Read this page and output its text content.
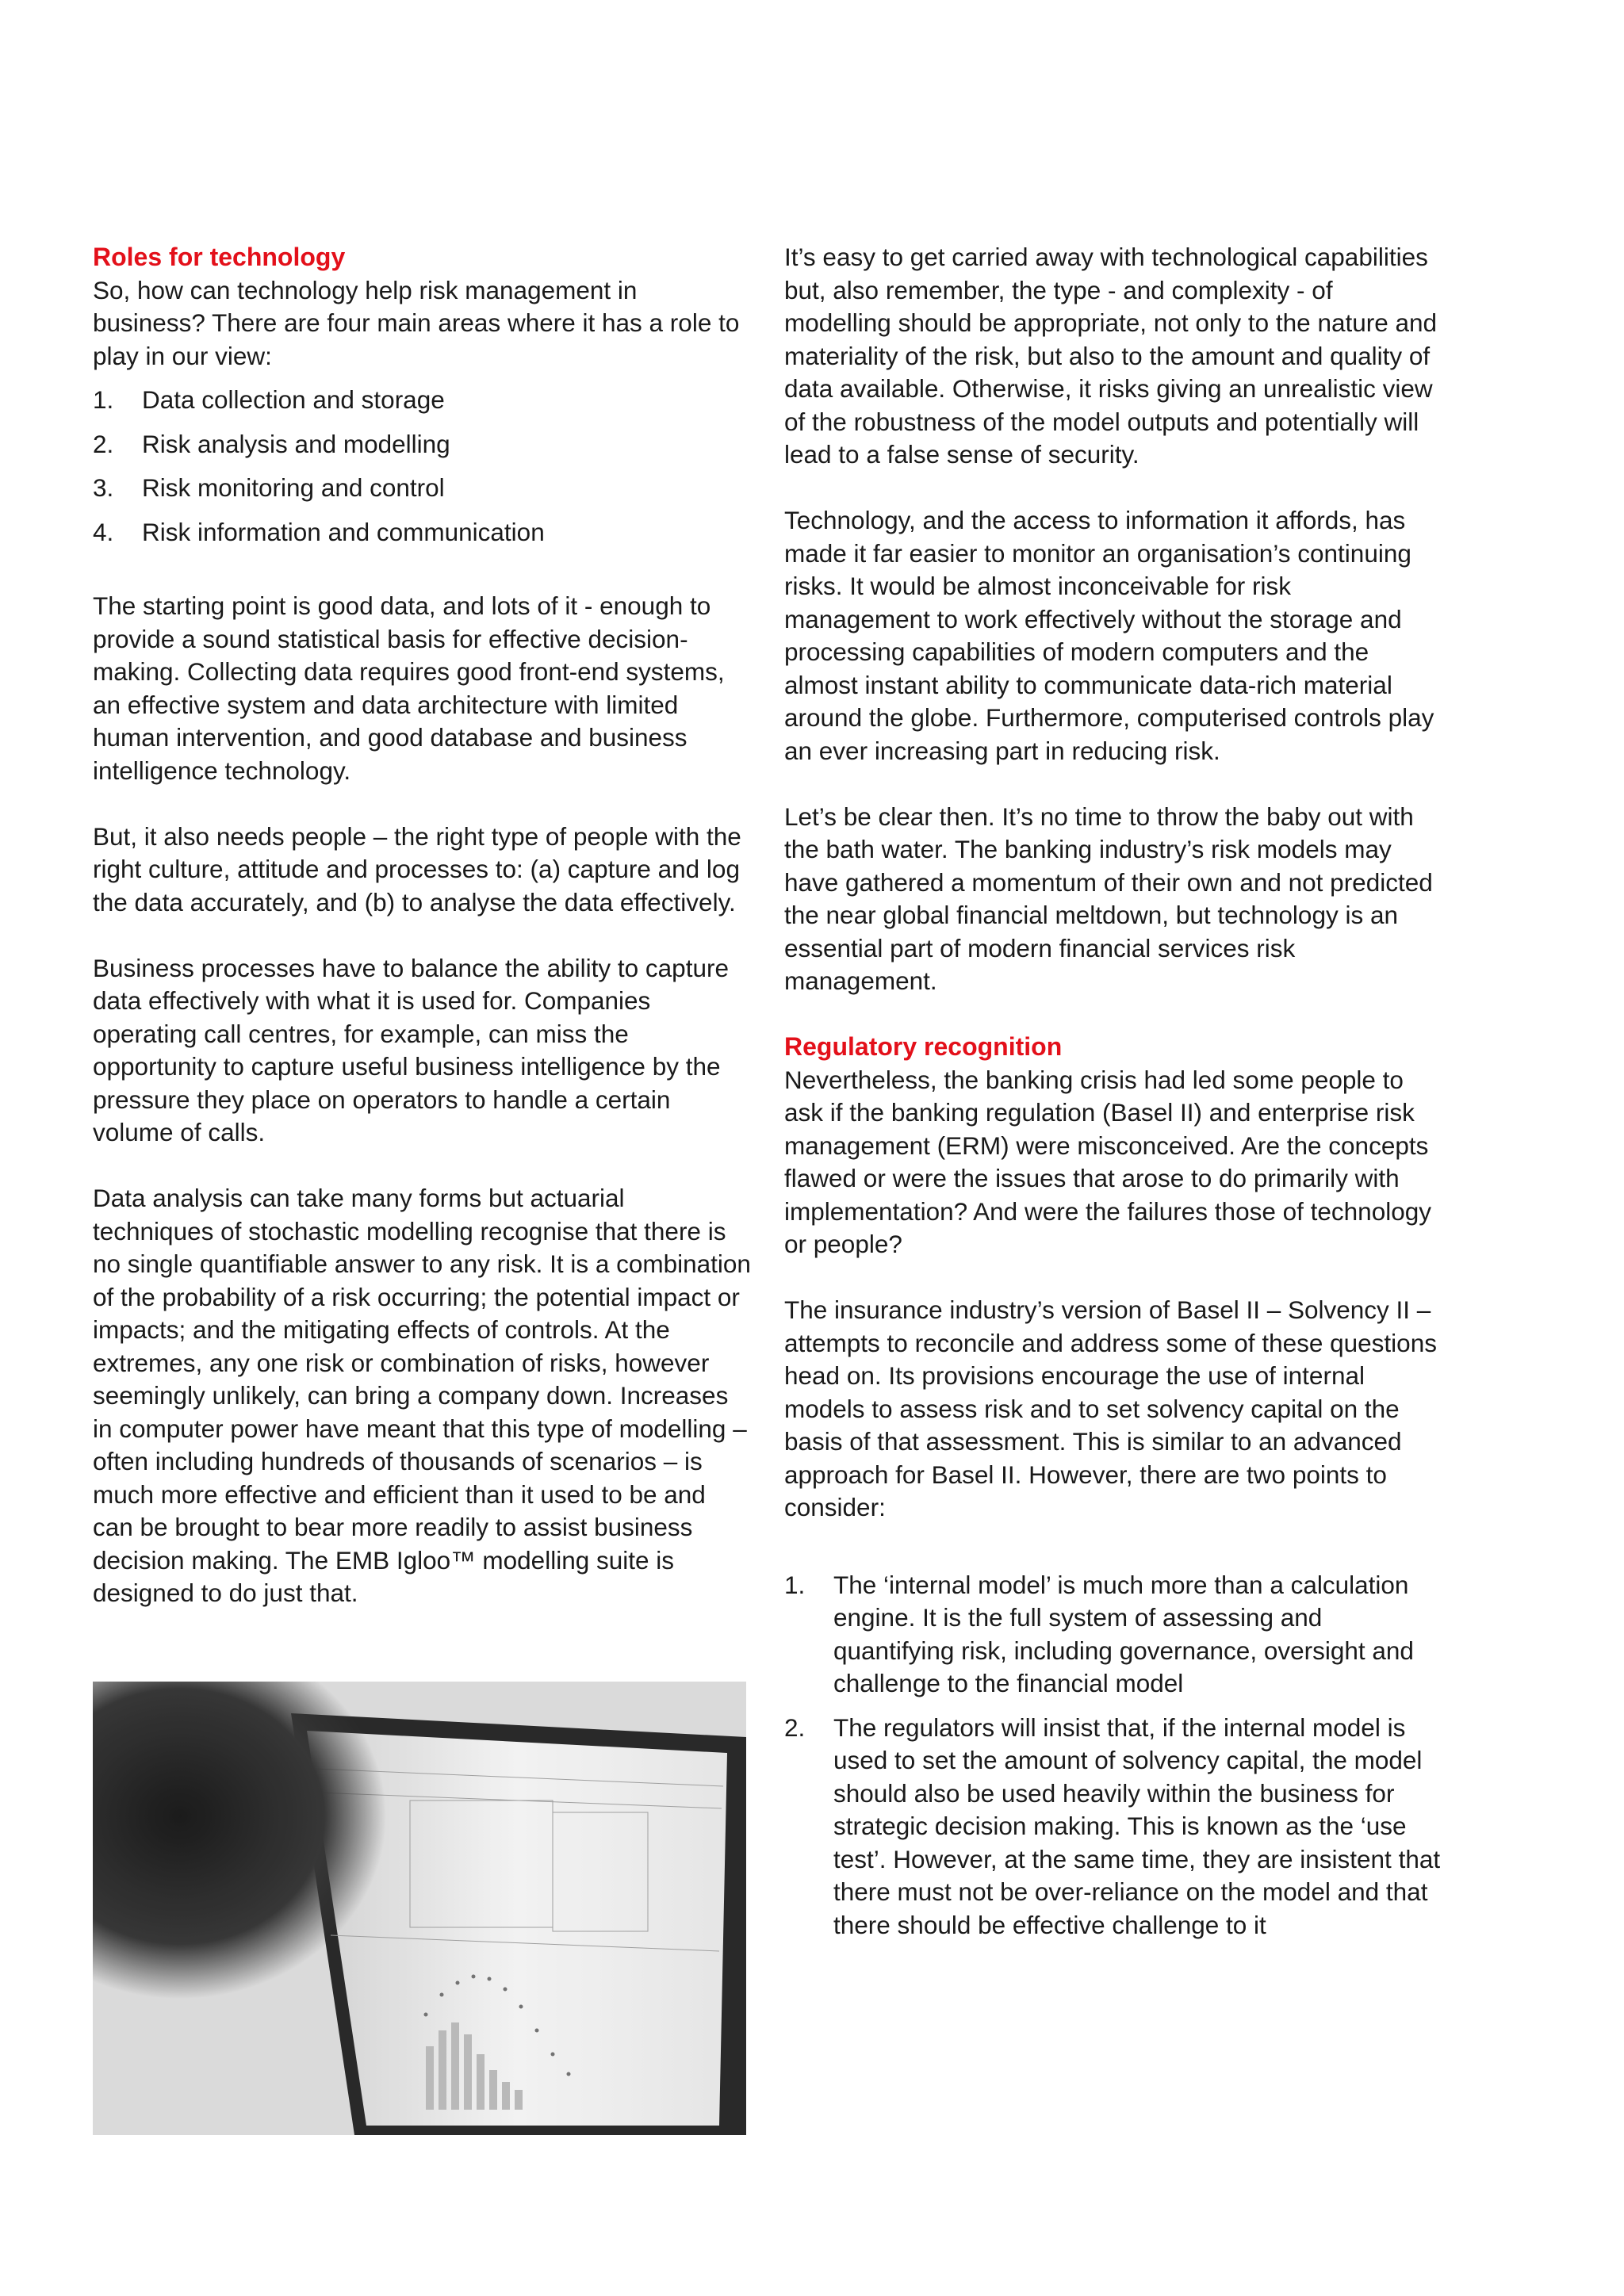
Roles for technology

So, how can technology help risk management in business? There are four main areas where it has a role to play in our view:

1. Data collection and storage
2. Risk analysis and modelling
3. Risk monitoring and control
4. Risk information and communication

The starting point is good data, and lots of it - enough to provide a sound statistical basis for effective decision-making. Collecting data requires good front-end systems, an effective system and data architecture with limited human intervention, and good database and business intelligence technology.

But, it also needs people – the right type of people with the right culture, attitude and processes to: (a) capture and log the data accurately, and (b) to analyse the data effectively.

Business processes have to balance the ability to capture data effectively with what it is used for. Companies operating call centres, for example, can miss the opportunity to capture useful business intelligence by the pressure they place on operators to handle a certain volume of calls.

Data analysis can take many forms but actuarial techniques of stochastic modelling recognise that there is no single quantifiable answer to any risk. It is a combination of the probability of a risk occurring; the potential impact or impacts; and the mitigating effects of controls. At the extremes, any one risk or combination of risks, however seemingly unlikely, can bring a company down. Increases in computer power have meant that this type of modelling – often including hundreds of thousands of scenarios – is much more effective and efficient than it used to be and can be brought to bear more readily to assist business decision making. The EMB Igloo™ modelling suite is designed to do just that.

It’s easy to get carried away with technological capabilities but, also remember, the type - and complexity - of modelling should be appropriate, not only to the nature and materiality of the risk, but also to the amount and quality of data available. Otherwise, it risks giving an unrealistic view of the robustness of the model outputs and potentially will lead to a false sense of security.

Technology, and the access to information it affords, has made it far easier to monitor an organisation’s continuing risks. It would be almost inconceivable for risk management to work effectively without the storage and processing capabilities of modern computers and the almost instant ability to communicate data-rich material around the globe. Furthermore, computerised controls play an ever increasing part in reducing risk.

Let’s be clear then. It’s no time to throw the baby out with the bath water. The banking industry’s risk models may have gathered a momentum of their own and not predicted the near global financial meltdown, but technology is an essential part of modern financial services risk management.

Regulatory recognition

Nevertheless, the banking crisis had led some people to ask if the banking regulation (Basel II) and enterprise risk management (ERM) were misconceived. Are the concepts flawed or were the issues that arose to do primarily with implementation? And were the failures those of technology or people?

The insurance industry’s version of Basel II – Solvency II – attempts to reconcile and address some of these questions head on. Its provisions encourage the use of internal models to assess risk and to set solvency capital on the basis of that assessment. This is similar to an advanced approach for Basel II. However, there are two points to consider:

1. The ‘internal model’ is much more than a calculation engine. It is the full system of assessing and quantifying risk, including governance, oversight and challenge to the financial model
2. The regulators will insist that, if the internal model is used to set the amount of solvency capital, the model should also be used heavily within the business for strategic decision making. This is known as the ‘use test’. However, at the same time, they are insistent that there must not be over-reliance on the model and that there should be effective challenge to it
